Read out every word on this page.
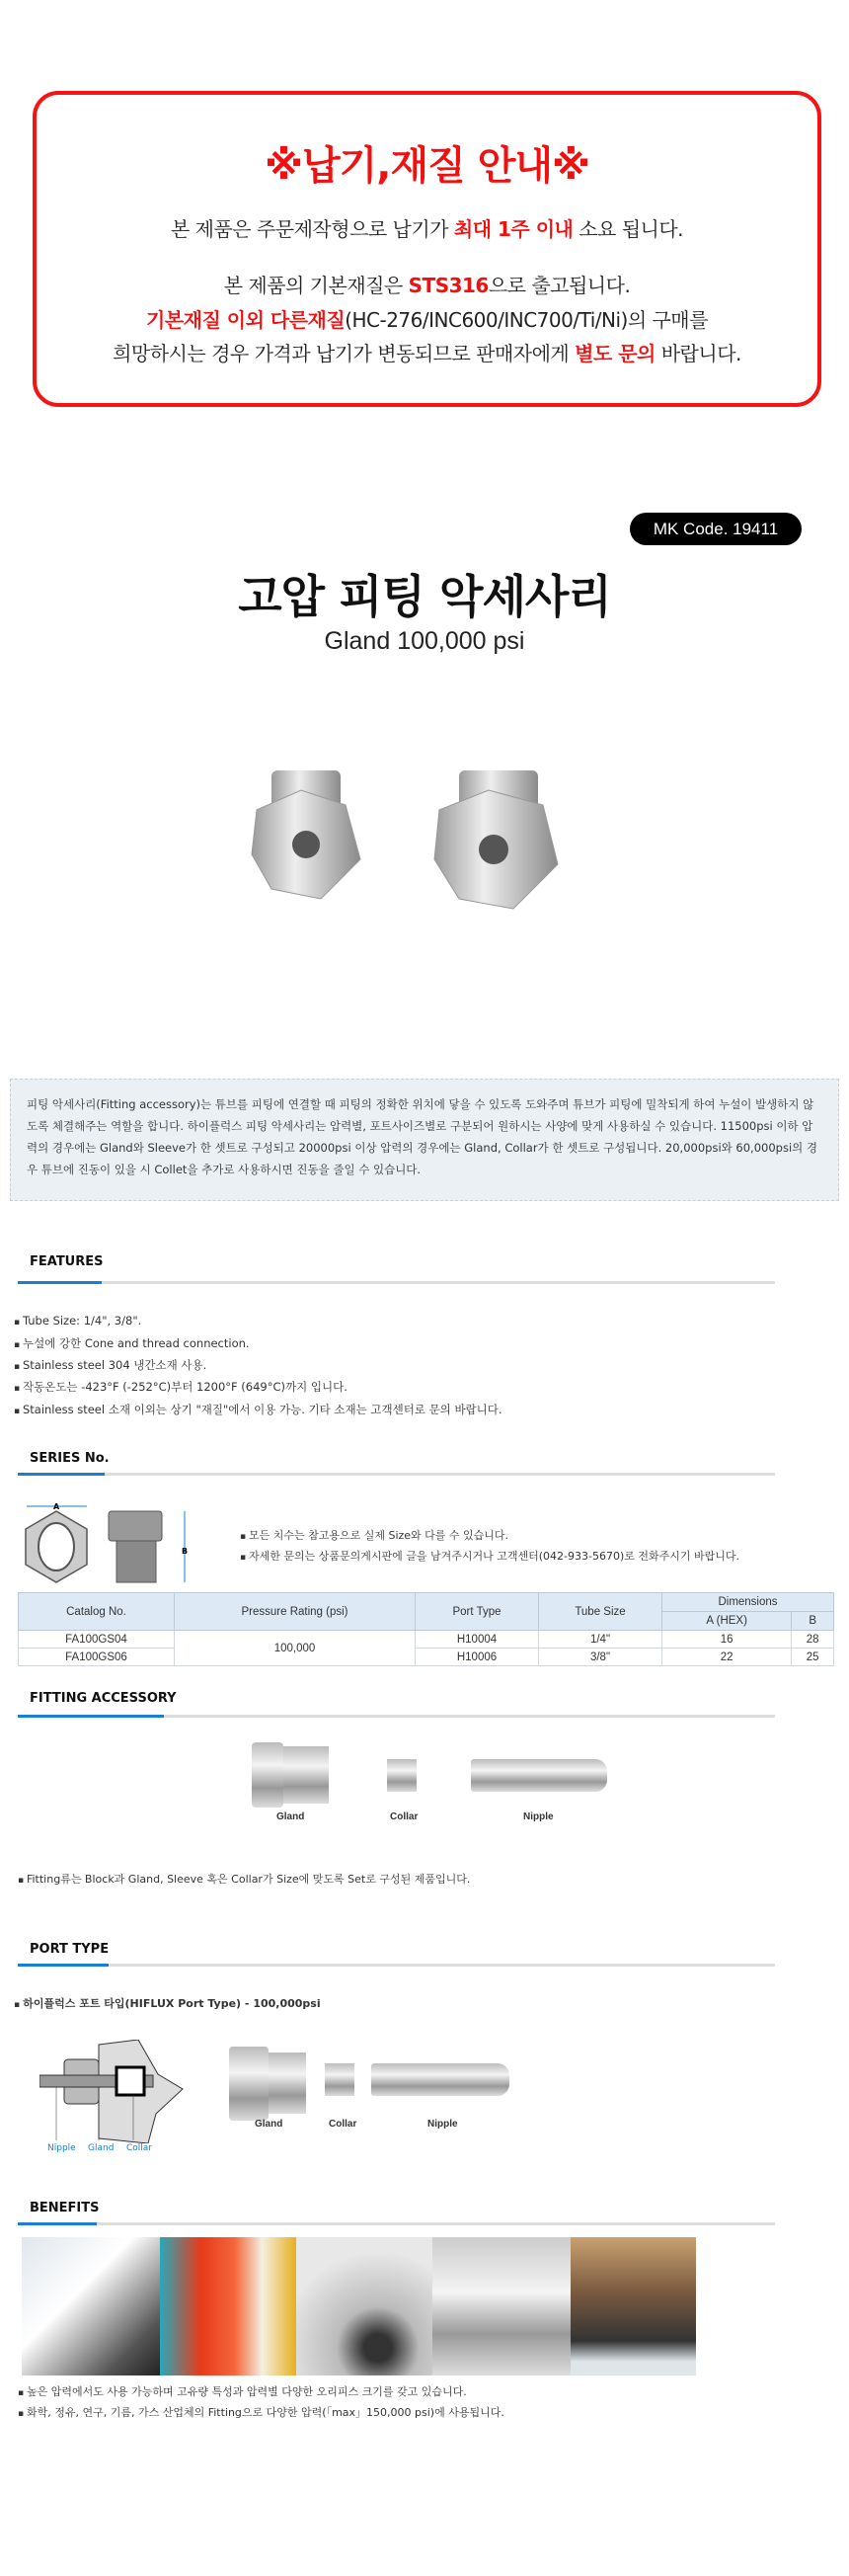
※납기,재질 안내※
본 제품은 주문제작형으로 납기가 최대 1주 이내 소요 됩니다.
본 제품의 기본재질은 STS316으로 출고됩니다.
기본재질 이외 다른재질(HC-276/INC600/INC700/Ti/Ni)의 구매를
희망하시는 경우 가격과 납기가 변동되므로 판매자에게 별도 문의 바랍니다.
MK Code. 19411
고압 피팅 악세사리
Gland 100,000 psi
피팅 악세사리(Fitting accessory)는 튜브를 피팅에 연결할 때 피팅의 정확한 위치에 닿을 수 있도록 도와주며 튜브가 피팅에 밀착되게 하여 누설이 발생하지 않도록 체결해주는 역할을 합니다. 하이플럭스 피팅 악세사리는 압력별, 포트사이즈별로 구분되어 원하시는 사양에 맞게 사용하실 수 있습니다. 11500psi 이하 압력의 경우에는 Gland와 Sleeve가 한 셋트로 구성되고 20000psi 이상 압력의 경우에는 Gland, Collar가 한 셋트로 구성됩니다. 20,000psi와 60,000psi의 경우 튜브에 진동이 있을 시 Collet을 추가로 사용하시면 진동을 줄일 수 있습니다.
FEATURES
▪ Tube Size: 1/4", 3/8".
▪ 누설에 강한 Cone and thread connection.
▪ Stainless steel 304 냉간소재 사용.
▪ 작동온도는 -423°F (-252°C)부터 1200°F (649°C)까지 입니다.
▪ Stainless steel 소재 이외는 상기 "재질"에서 이용 가능. 기타 소재는 고객센터로 문의 바랍니다.
SERIES No.
A
B
▪ 모든 치수는 참고용으로 실제 Size와 다를 수 있습니다.
▪ 자세한 문의는 상품문의게시판에 글을 남겨주시거나 고객센터(042-933-5670)로 전화주시기 바랍니다.
Catalog No.	Pressure Rating (psi)	Port Type	Tube Size	Dimensions	
				A (HEX)	B
FA100GS04	100,000	H10004	1/4"	16	28
FA100GS06		H10006	3/8"	22	25
FITTING ACCESSORY
Gland	Collar	Nipple
▪ Fitting류는 Block과 Gland, Sleeve 혹은 Collar가 Size에 맞도록 Set로 구성된 제품입니다.
PORT TYPE
▪ 하이플럭스 포트 타입(HIFLUX Port Type) - 100,000psi
Nipple Gland Collar
Gland	Collar	Nipple
BENEFITS
▪ 높은 압력에서도 사용 가능하며 고유량 특성과 압력별 다양한 오리피스 크기를 갖고 있습니다.
▪ 화학, 정유, 연구, 기름, 가스 산업체의 Fitting으로 다양한 압력(「max」150,000 psi)에 사용됩니다.
